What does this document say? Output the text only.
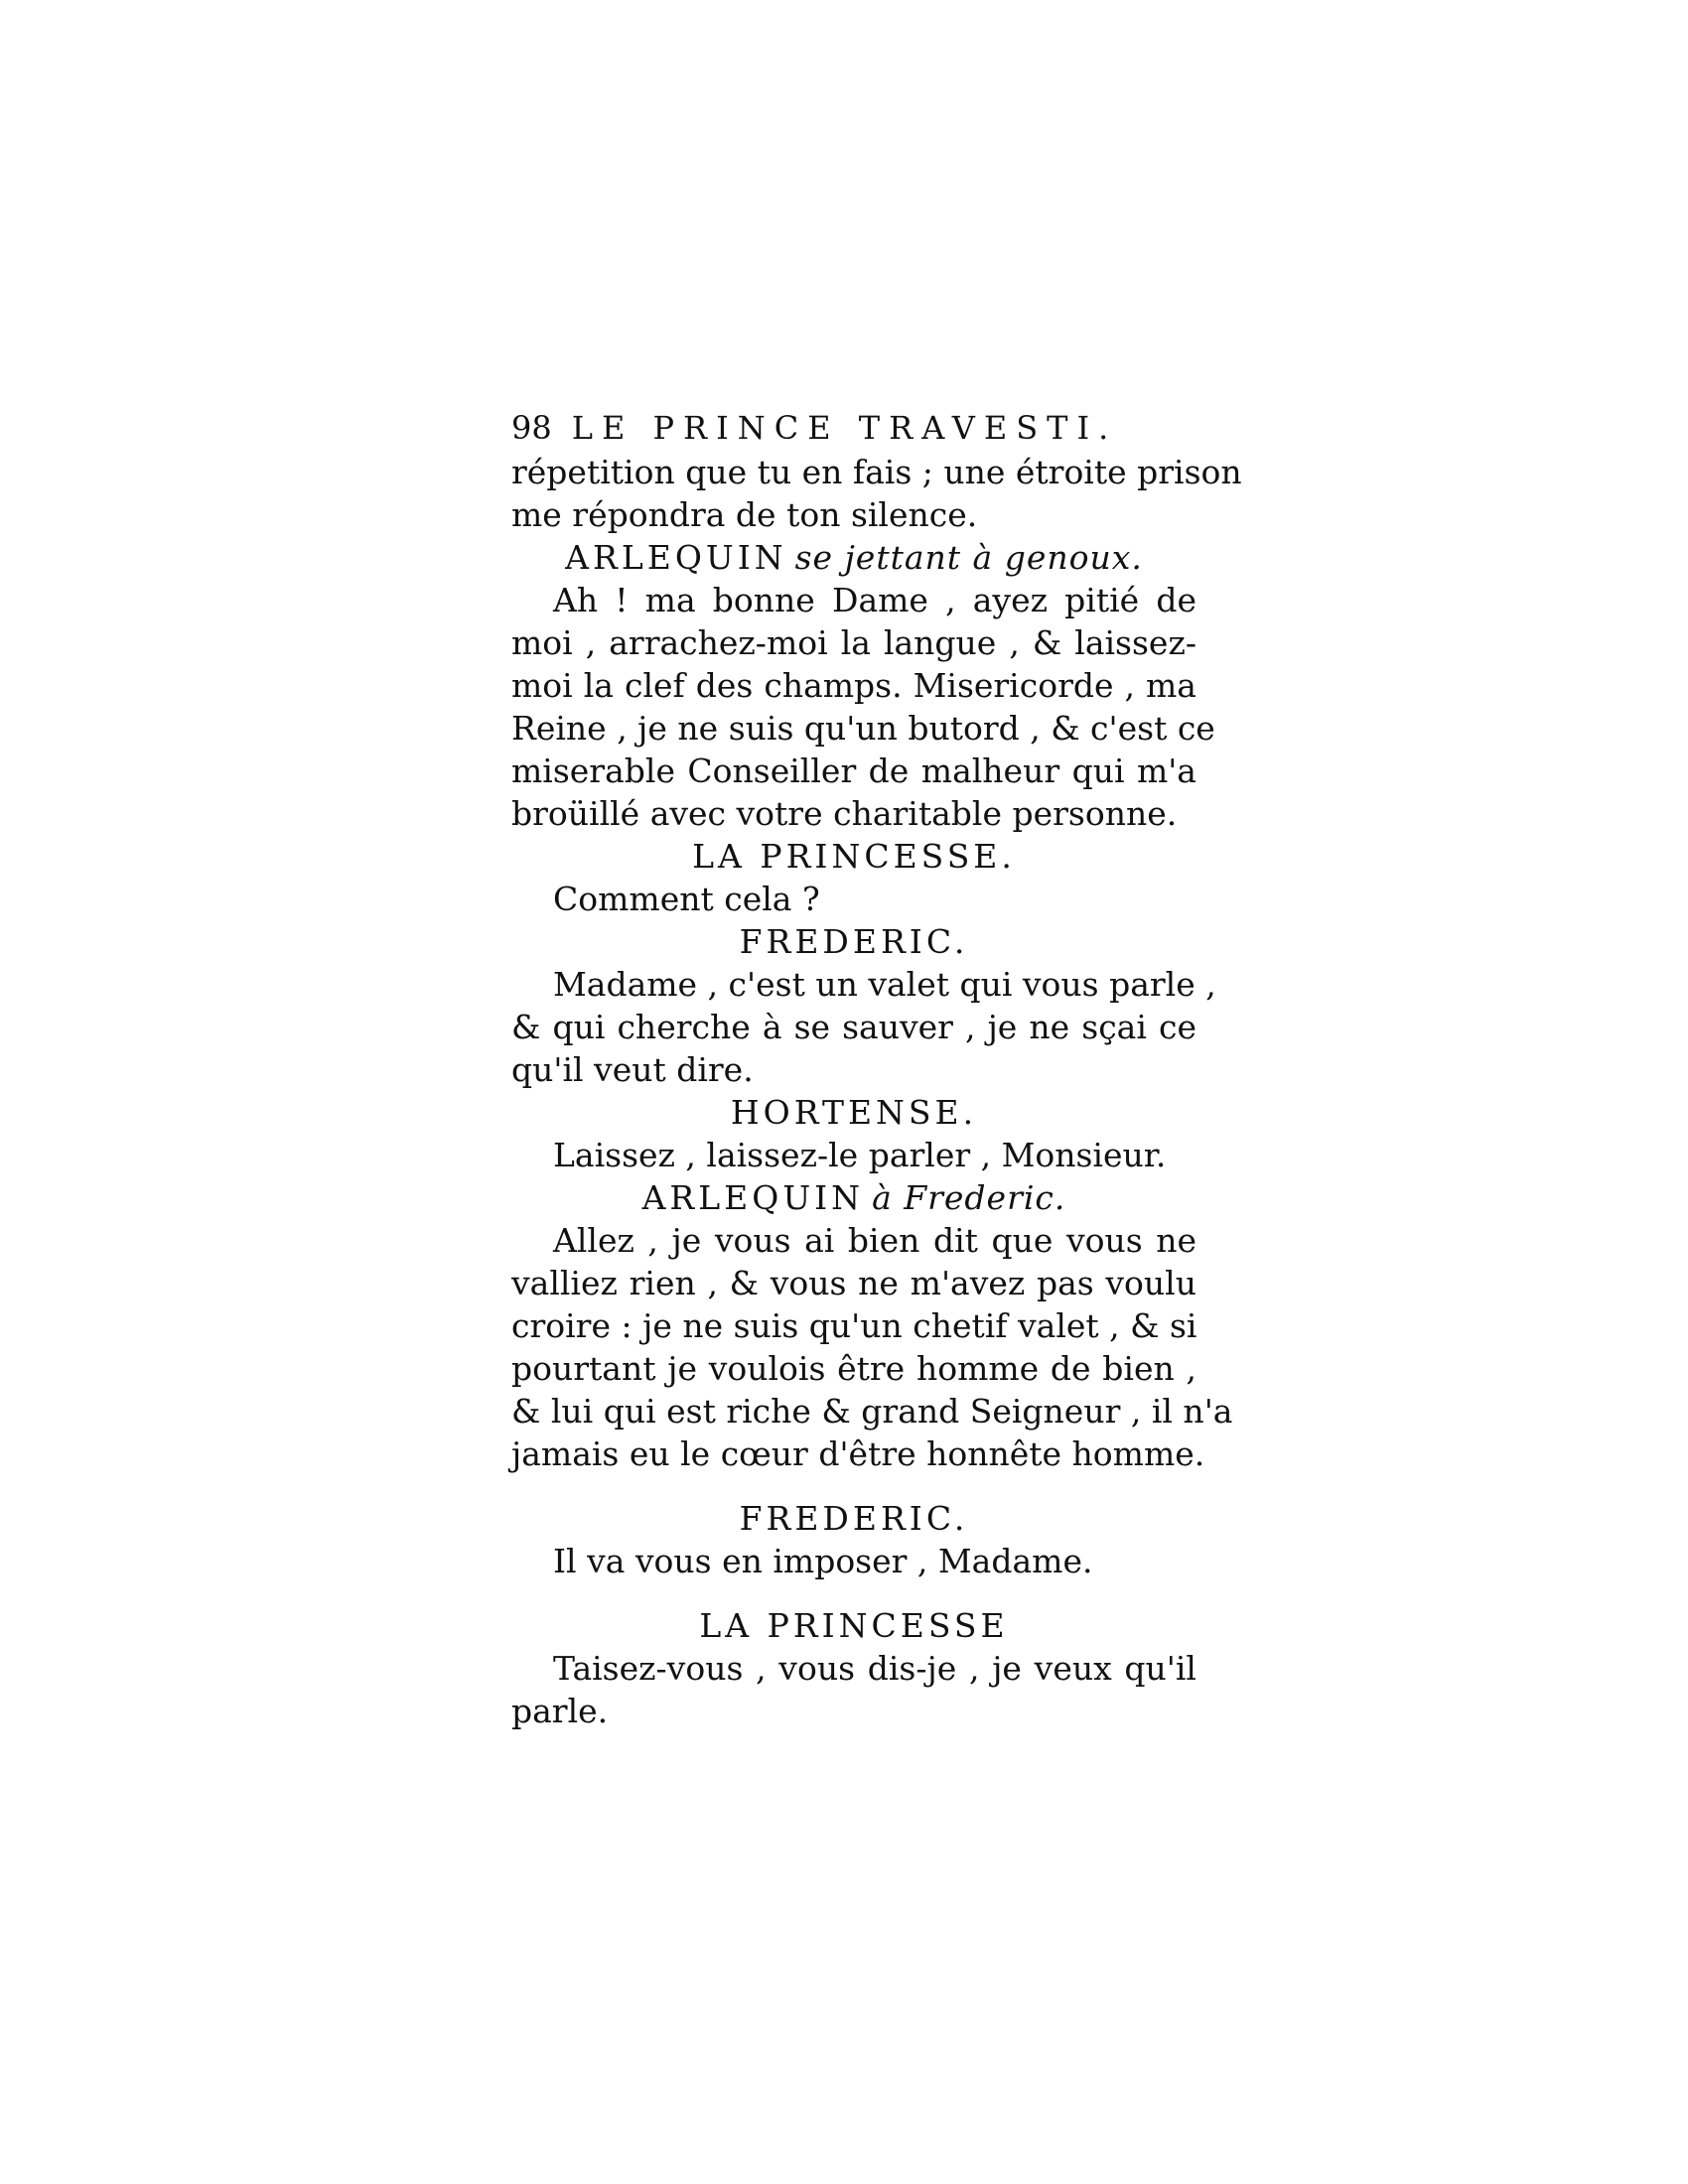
98 LE PRINCE TRAVESTI.
répetition que tu en fais ; une étroite prison
me répondra de ton silence.
ARLEQUIN se jettant à genoux.
Ah ! ma bonne Dame , ayez pitié de
moi , arrachez-moi la langue , & laissez-
moi la clef des champs. Misericorde , ma
Reine , je ne suis qu'un butord , & c'est ce
miserable Conseiller de malheur qui m'a
broüillé avec votre charitable personne.
LA PRINCESSE.
Comment cela ?
FREDERIC.
Madame , c'est un valet qui vous parle ,
& qui cherche à se sauver , je ne sçai ce
qu'il veut dire.
HORTENSE.
Laissez , laissez-le parler , Monsieur.
ARLEQUIN à Frederic.
Allez , je vous ai bien dit que vous ne
valliez rien , & vous ne m'avez pas voulu
croire : je ne suis qu'un chetif valet , & si
pourtant je voulois être homme de bien ,
& lui qui est riche & grand Seigneur , il n'a
jamais eu le cœur d'être honnête homme.
FREDERIC.
Il va vous en imposer , Madame.
LA PRINCESSE
Taisez-vous , vous dis-je , je veux qu'il
parle.
